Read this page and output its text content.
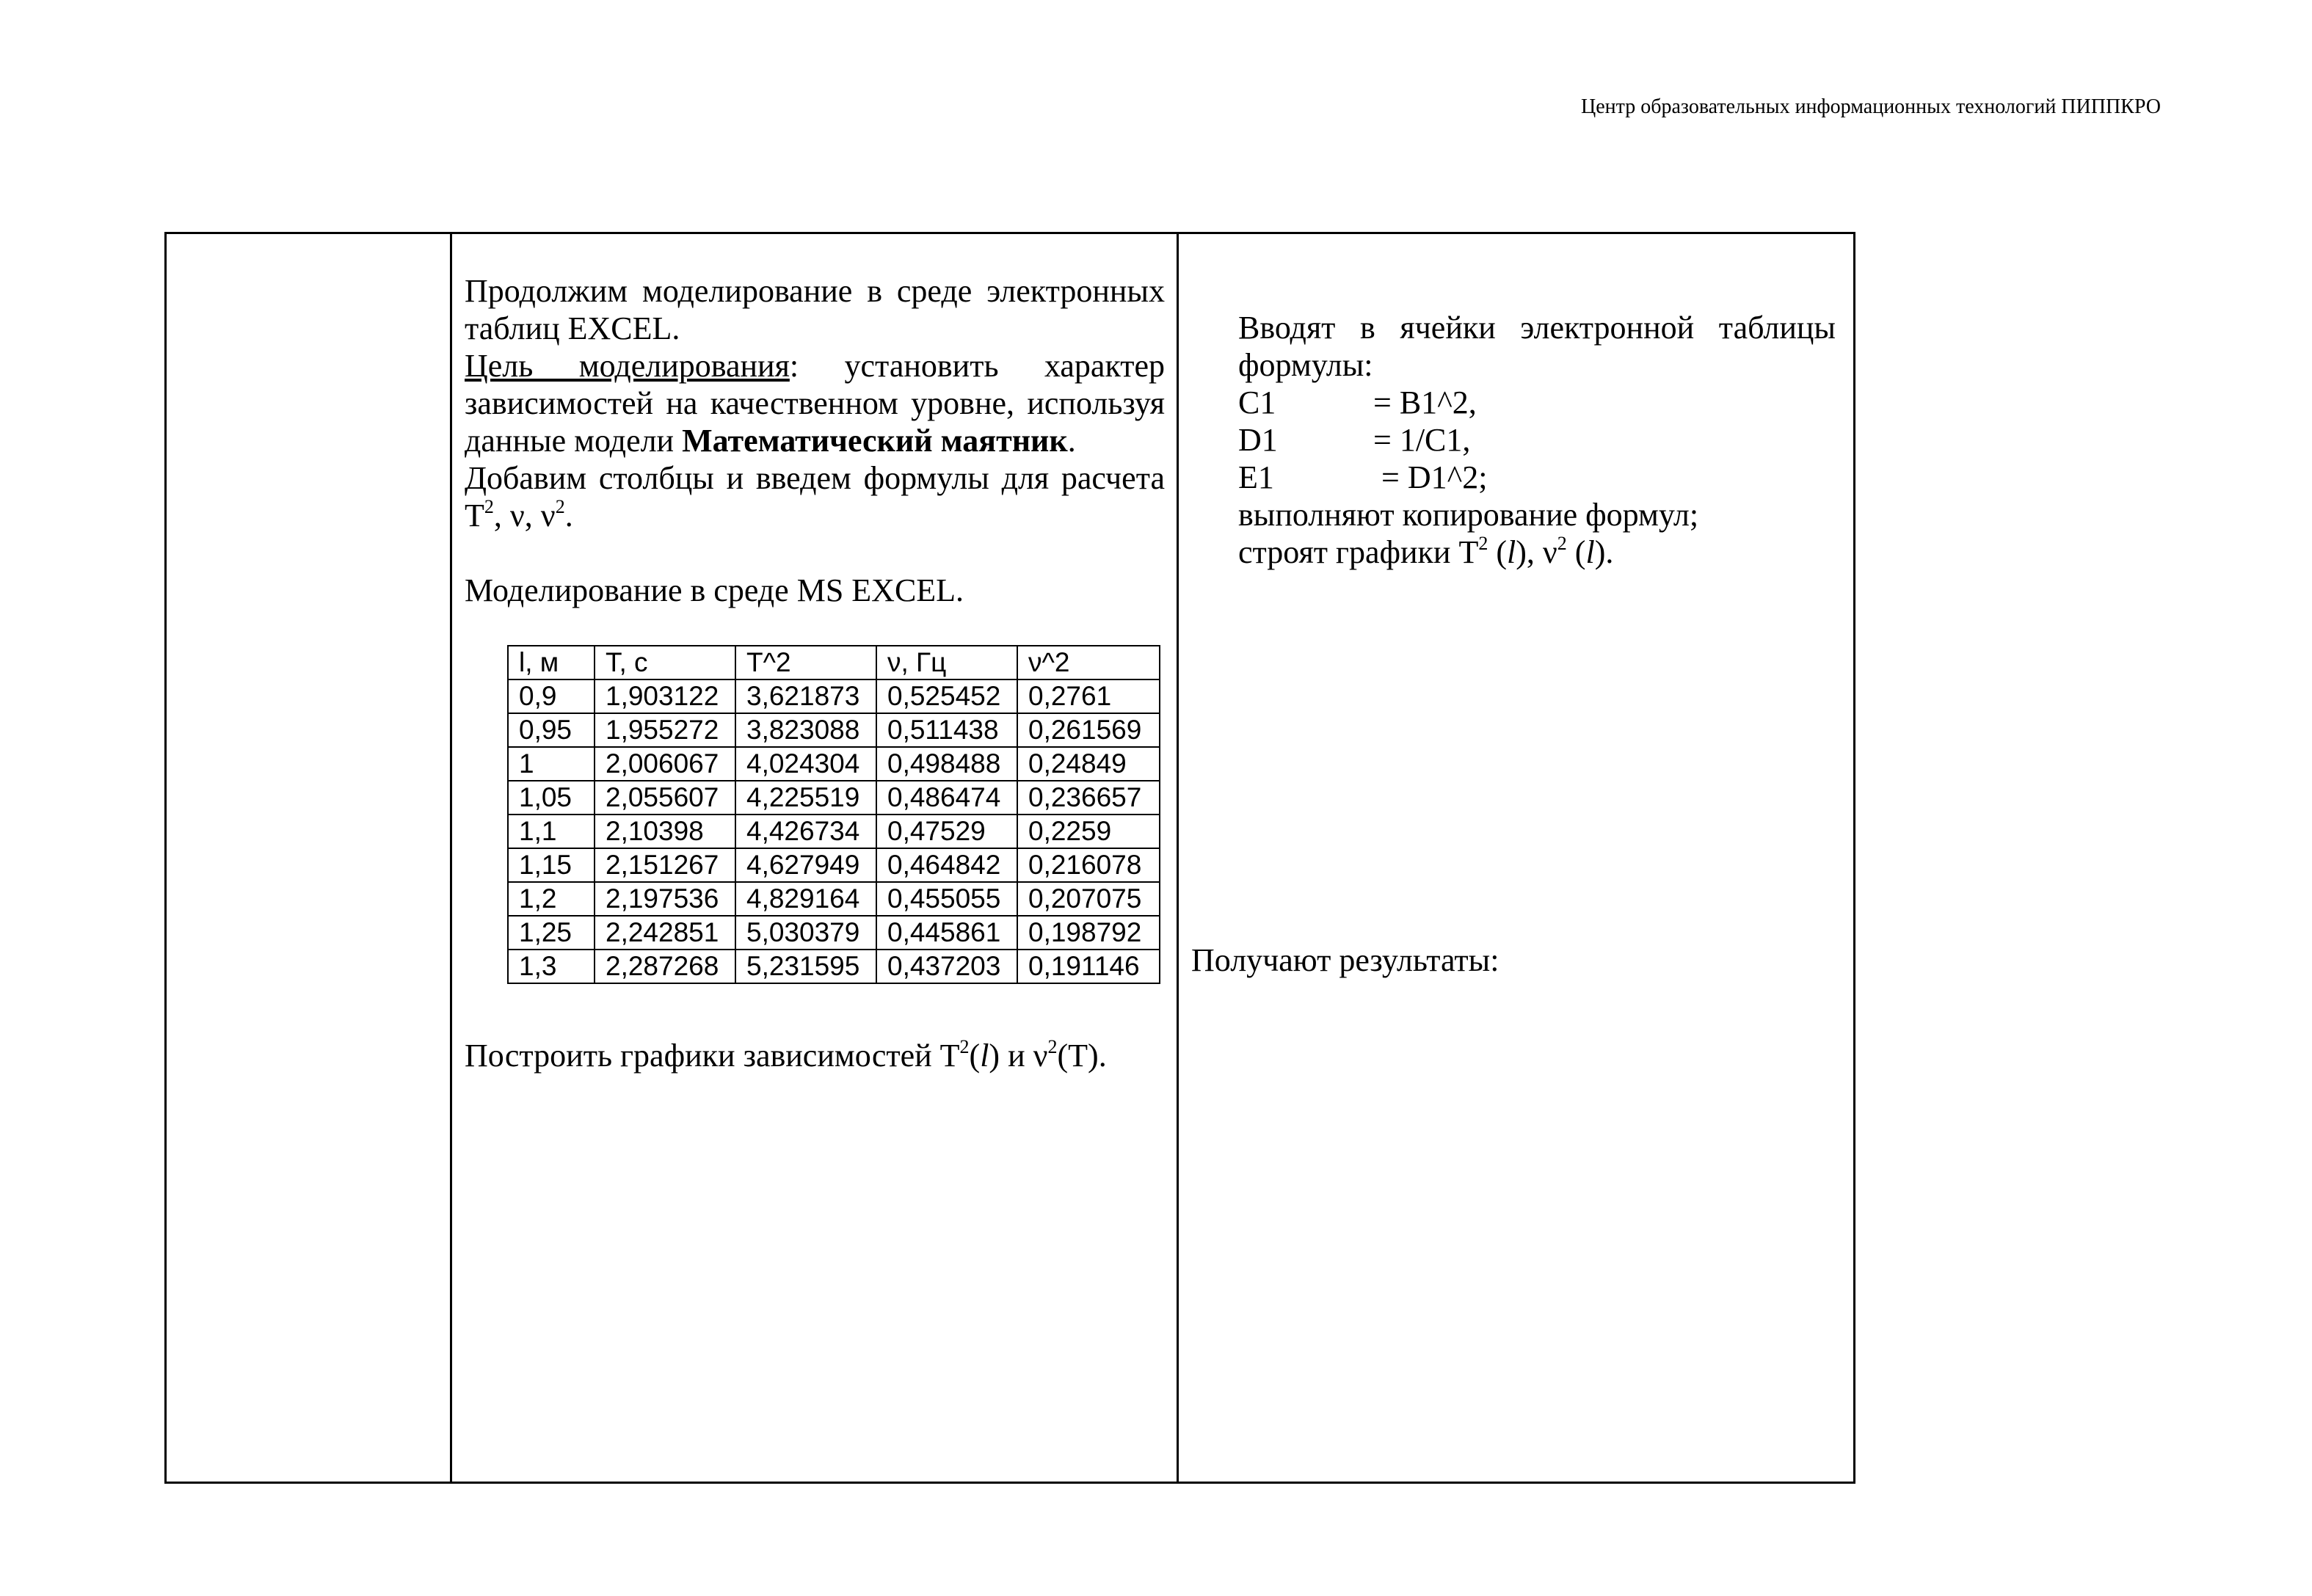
Центр образовательных информационных технологий ПИППКРО

Продолжим моделирование в среде электронных

таблиц EXCEL.

Цель моделирования: установить характер

зависимостей на качественном уровне, используя

данные модели Математический маятник.

Добавим столбцы и введем формулы для расчета

$T^2$, ν, $\nu^2$.

Моделирование в среде MS EXCEL.

l, м	Т, с	T^2	ν, Гц	ν^2
0,9	1,903122	3,621873	0,525452	0,2761
0,95	1,955272	3,823088	0,511438	0,261569
1	2,006067	4,024304	0,498488	0,24849
1,05	2,055607	4,225519	0,486474	0,236657
1,1	2,10398	4,426734	0,47529	0,2259
1,15	2,151267	4,627949	0,464842	0,216078
1,2	2,197536	4,829164	0,455055	0,207075
1,25	2,242851	5,030379	0,445861	0,198792
1,3	2,287268	5,231595	0,437203	0,191146
Построить графики зависимостей $T^2(l)$ и $\nu^2(T)$.

Вводят в ячейки электронной таблицы

формулы:

C1	= B1^2,
D1	= 1/C1,
E1	= D1^2;

выполняют копирование формул;

строят графики $T^2$ (l), $\nu^2$ (l).

Получают результаты:
